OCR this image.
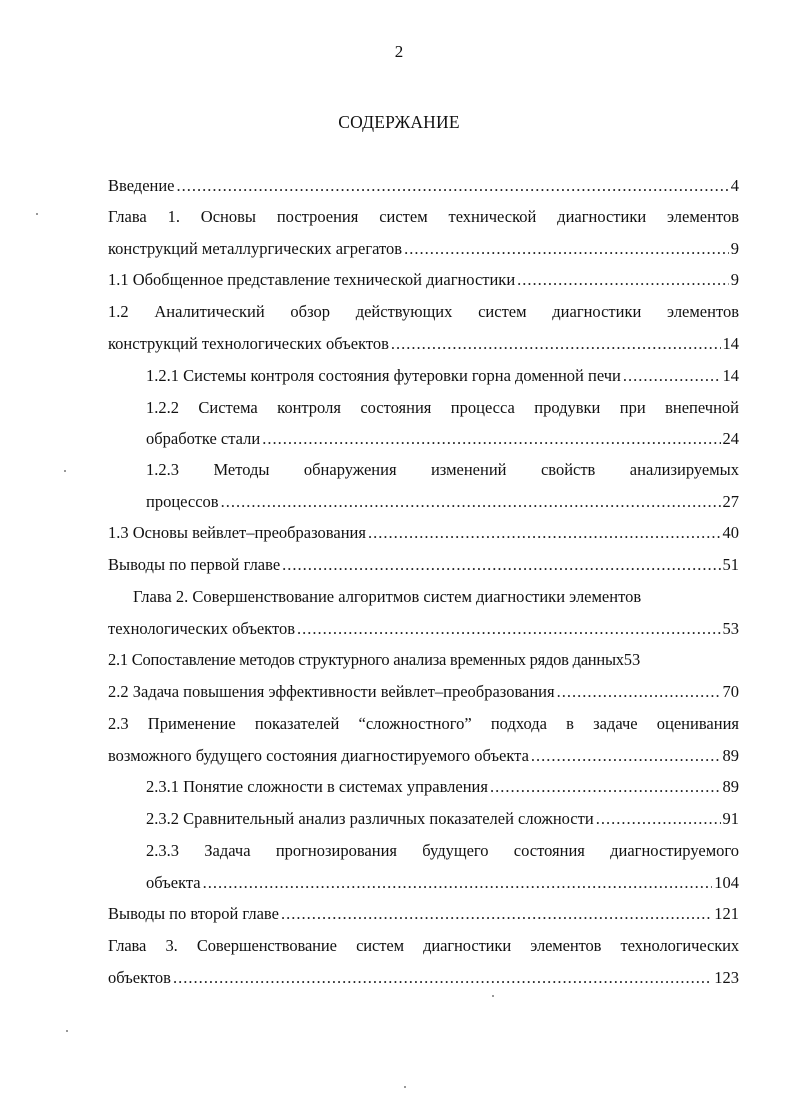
2
СОДЕРЖАНИЕ
Введение .....	4
Глава 1. Основы построения систем технической диагностики элементов
конструкций металлургических агрегатов .....	9
1.1 Обобщенное представление технической диагностики .....	9
1.2 Аналитический обзор действующих систем диагностики элементов
конструкций технологических объектов .....	14
1.2.1 Системы контроля состояния футеровки горна доменной печи .....	14
1.2.2 Система контроля состояния процесса продувки при внепечной
обработке стали .....	24
1.2.3 Методы обнаружения изменений свойств анализируемых
процессов .....	27
1.3 Основы вейвлет–преобразования .....	40
Выводы по первой главе .....	51
Глава 2. Совершенствование алгоритмов систем диагностики элементов
технологических объектов .....	53
2.1 Сопоставление методов структурного анализа временных рядов данных 53
2.2 Задача повышения эффективности вейвлет–преобразования .....	70
2.3 Применение показателей “сложностного” подхода в задаче оценивания
возможного будущего состояния диагностируемого объекта .....	89
2.3.1 Понятие сложности в системах управления .....	89
2.3.2 Сравнительный анализ различных показателей сложности .....	91
2.3.3 Задача прогнозирования будущего состояния диагностируемого
объекта .....	104
Выводы по второй главе .....	121
Глава 3. Совершенствование систем диагностики элементов технологических
объектов .....	123
